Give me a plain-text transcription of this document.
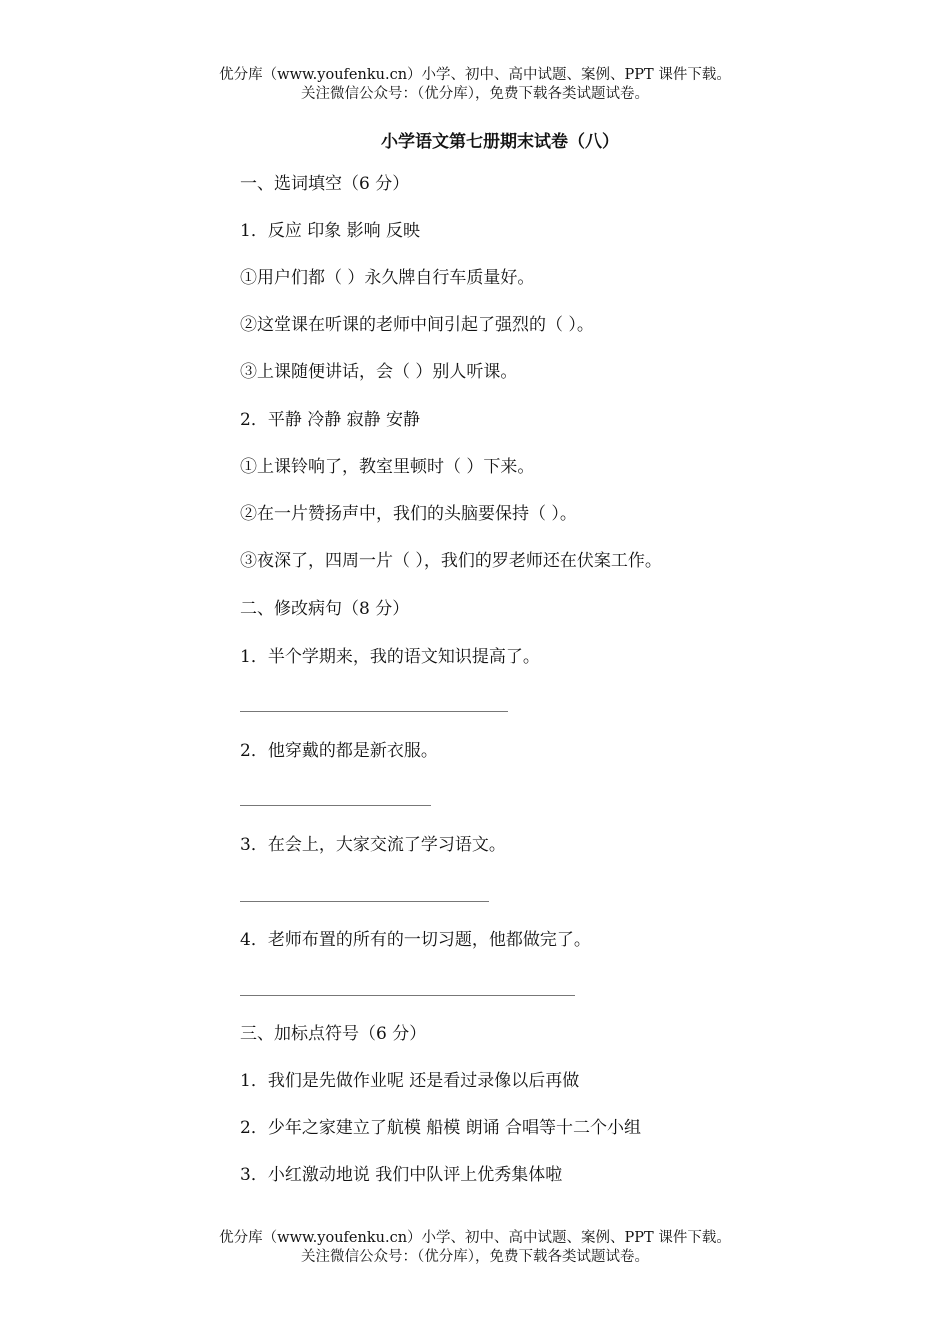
优分库（www.youfenku.cn）小学、初中、高中试题、案例、PPT 课件下载。
关注微信公众号：（优分库），免费下载各类试题试卷。
小学语文第七册期末试卷（八）
一、选词填空（6 分）
1．反应 印象 影响 反映
①用户们都（ ）永久牌自行车质量好。
②这堂课在听课的老师中间引起了强烈的（ ）。
③上课随便讲话，会（ ）别人听课。
2．平静 冷静 寂静 安静
①上课铃响了，教室里顿时（ ）下来。
②在一片赞扬声中，我们的头脑要保持（ ）。
③夜深了，四周一片（ ），我们的罗老师还在伏案工作。
二、修改病句（8 分）
1．半个学期来，我的语文知识提高了。
2．他穿戴的都是新衣服。
3．在会上，大家交流了学习语文。
4．老师布置的所有的一切习题，他都做完了。
三、加标点符号（6 分）
1．我们是先做作业呢 还是看过录像以后再做
2．少年之家建立了航模 船模 朗诵 合唱等十二个小组
3．小红激动地说 我们中队评上优秀集体啦
优分库（www.youfenku.cn）小学、初中、高中试题、案例、PPT 课件下载。
关注微信公众号：（优分库），免费下载各类试题试卷。
